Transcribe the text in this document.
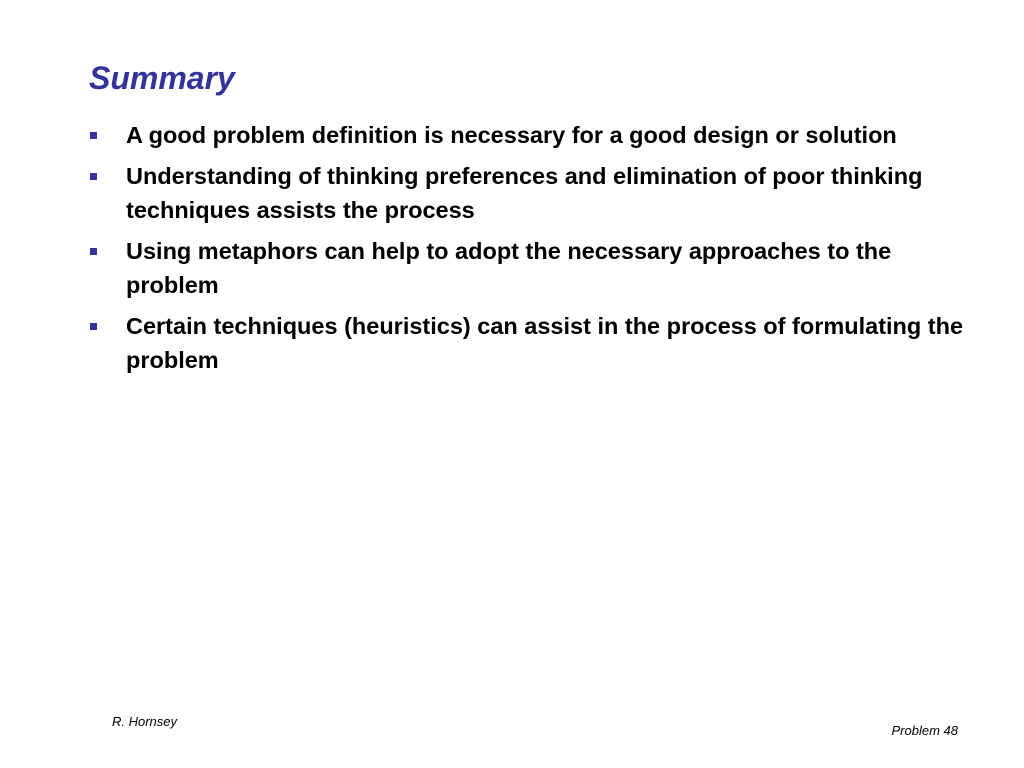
Summary
A good problem definition is necessary for a good design or solution
Understanding of thinking preferences and elimination of poor thinking techniques assists the process
Using metaphors can help to adopt the necessary approaches to the problem
Certain techniques (heuristics) can assist in the process of formulating the problem
R. Hornsey
Problem 48
